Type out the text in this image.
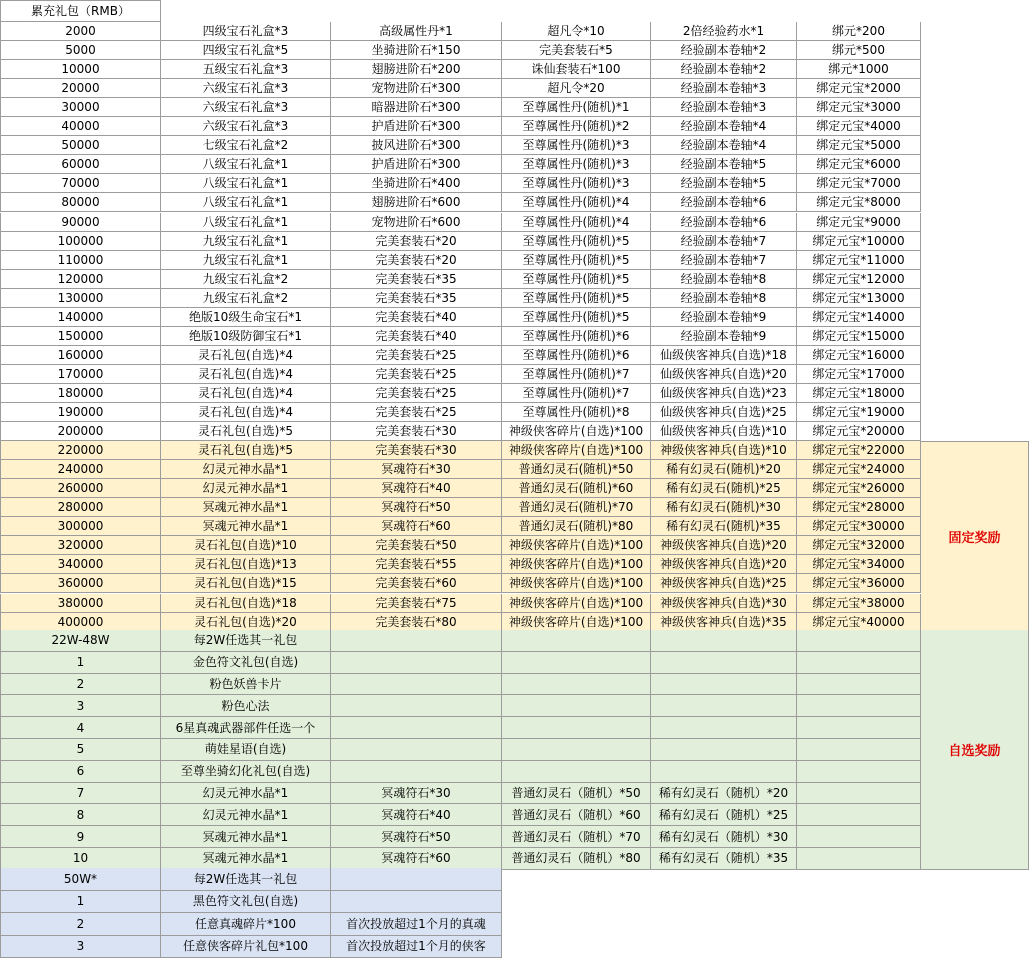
累充礼包（RMB）
2000	四级宝石礼盒*3	高级属性丹*1	超凡令*10	2倍经验药水*1	绑元*200
5000	四级宝石礼盒*5	坐骑进阶石*150	完美套装石*5	经验副本卷轴*2	绑元*500
10000	五级宝石礼盒*3	翅膀进阶石*200	诛仙套装石*100	经验副本卷轴*2	绑元*1000
20000	六级宝石礼盒*3	宠物进阶石*300	超凡令*20	经验副本卷轴*3	绑定元宝*2000
30000	六级宝石礼盒*3	暗器进阶石*300	至尊属性丹(随机)*1	经验副本卷轴*3	绑定元宝*3000
40000	六级宝石礼盒*3	护盾进阶石*300	至尊属性丹(随机)*2	经验副本卷轴*4	绑定元宝*4000
50000	七级宝石礼盒*2	披风进阶石*300	至尊属性丹(随机)*3	经验副本卷轴*4	绑定元宝*5000
60000	八级宝石礼盒*1	护盾进阶石*300	至尊属性丹(随机)*3	经验副本卷轴*5	绑定元宝*6000
70000	八级宝石礼盒*1	坐骑进阶石*400	至尊属性丹(随机)*3	经验副本卷轴*5	绑定元宝*7000
80000	八级宝石礼盒*1	翅膀进阶石*600	至尊属性丹(随机)*4	经验副本卷轴*6	绑定元宝*8000
90000	八级宝石礼盒*1	宠物进阶石*600	至尊属性丹(随机)*4	经验副本卷轴*6	绑定元宝*9000
100000	九级宝石礼盒*1	完美套装石*20	至尊属性丹(随机)*5	经验副本卷轴*7	绑定元宝*10000
110000	九级宝石礼盒*1	完美套装石*20	至尊属性丹(随机)*5	经验副本卷轴*7	绑定元宝*11000
120000	九级宝石礼盒*2	完美套装石*35	至尊属性丹(随机)*5	经验副本卷轴*8	绑定元宝*12000
130000	九级宝石礼盒*2	完美套装石*35	至尊属性丹(随机)*5	经验副本卷轴*8	绑定元宝*13000
140000	绝版10级生命宝石*1	完美套装石*40	至尊属性丹(随机)*5	经验副本卷轴*9	绑定元宝*14000
150000	绝版10级防御宝石*1	完美套装石*40	至尊属性丹(随机)*6	经验副本卷轴*9	绑定元宝*15000
160000	灵石礼包(自选)*4	完美套装石*25	至尊属性丹(随机)*6	仙级侠客神兵(自选)*18	绑定元宝*16000
170000	灵石礼包(自选)*4	完美套装石*25	至尊属性丹(随机)*7	仙级侠客神兵(自选)*20	绑定元宝*17000
180000	灵石礼包(自选)*4	完美套装石*25	至尊属性丹(随机)*7	仙级侠客神兵(自选)*23	绑定元宝*18000
190000	灵石礼包(自选)*4	完美套装石*25	至尊属性丹(随机)*8	仙级侠客神兵(自选)*25	绑定元宝*19000
200000	灵石礼包(自选)*5	完美套装石*30	神级侠客碎片(自选)*100	仙级侠客神兵(自选)*10	绑定元宝*20000
220000	灵石礼包(自选)*5	完美套装石*30	神级侠客碎片(自选)*100	神级侠客神兵(自选)*10	绑定元宝*22000
240000	幻灵元神水晶*1	冥魂符石*30	普通幻灵石(随机)*50	稀有幻灵石(随机)*20	绑定元宝*24000
260000	幻灵元神水晶*1	冥魂符石*40	普通幻灵石(随机)*60	稀有幻灵石(随机)*25	绑定元宝*26000
280000	冥魂元神水晶*1	冥魂符石*50	普通幻灵石(随机)*70	稀有幻灵石(随机)*30	绑定元宝*28000
300000	冥魂元神水晶*1	冥魂符石*60	普通幻灵石(随机)*80	稀有幻灵石(随机)*35	绑定元宝*30000
320000	灵石礼包(自选)*10	完美套装石*50	神级侠客碎片(自选)*100	神级侠客神兵(自选)*20	绑定元宝*32000
340000	灵石礼包(自选)*13	完美套装石*55	神级侠客碎片(自选)*100	神级侠客神兵(自选)*20	绑定元宝*34000
360000	灵石礼包(自选)*15	完美套装石*60	神级侠客碎片(自选)*100	神级侠客神兵(自选)*25	绑定元宝*36000
380000	灵石礼包(自选)*18	完美套装石*75	神级侠客碎片(自选)*100	神级侠客神兵(自选)*30	绑定元宝*38000
400000	灵石礼包(自选)*20	完美套装石*80	神级侠客碎片(自选)*100	神级侠客神兵(自选)*35	绑定元宝*40000
固定奖励
22W-48W	每2W任选其一礼包
1	金色符文礼包(自选)
2	粉色妖兽卡片
3	粉色心法
4	6星真魂武器部件任选一个
5	萌娃星语(自选)
6	至尊坐骑幻化礼包(自选)
7	幻灵元神水晶*1	冥魂符石*30	普通幻灵石（随机）*50	稀有幻灵石（随机）*20
8	幻灵元神水晶*1	冥魂符石*40	普通幻灵石（随机）*60	稀有幻灵石（随机）*25
9	冥魂元神水晶*1	冥魂符石*50	普通幻灵石（随机）*70	稀有幻灵石（随机）*30
10	冥魂元神水晶*1	冥魂符石*60	普通幻灵石（随机）*80	稀有幻灵石（随机）*35
自选奖励
50W*	每2W任选其一礼包
1	黑色符文礼包(自选)
2	任意真魂碎片*100	首次投放超过1个月的真魂
3	任意侠客碎片礼包*100	首次投放超过1个月的侠客
